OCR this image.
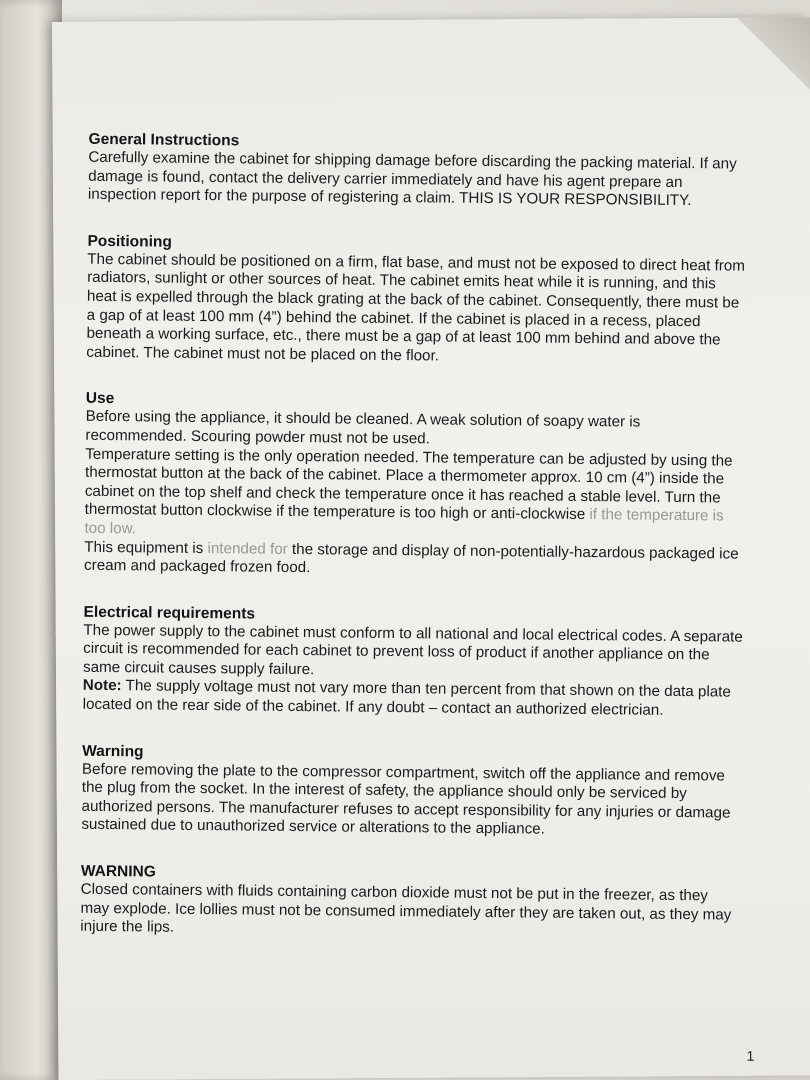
General Instructions

Carefully examine the cabinet for shipping damage before discarding the packing material. If any damage is found, contact the delivery carrier immediately and have his agent prepare an inspection report for the purpose of registering a claim. THIS IS YOUR RESPONSIBILITY.

Positioning

The cabinet should be positioned on a firm, flat base, and must not be exposed to direct heat from radiators, sunlight or other sources of heat. The cabinet emits heat while it is running, and this heat is expelled through the black grating at the back of the cabinet. Consequently, there must be a gap of at least 100 mm (4”) behind the cabinet. If the cabinet is placed in a recess, placed beneath a working surface, etc., there must be a gap of at least 100 mm behind and above the cabinet. The cabinet must not be placed on the floor.

Use

Before using the appliance, it should be cleaned. A weak solution of soapy water is recommended. Scouring powder must not be used.

Temperature setting is the only operation needed. The temperature can be adjusted by using the thermostat button at the back of the cabinet. Place a thermometer approx. 10 cm (4”) inside the cabinet on the top shelf and check the temperature once it has reached a stable level. Turn the thermostat button clockwise if the temperature is too high or anti-clockwise if the temperature is too low.

This equipment is intended for the storage and display of non-potentially-hazardous packaged ice cream and packaged frozen food.

Electrical requirements

The power supply to the cabinet must conform to all national and local electrical codes. A separate circuit is recommended for each cabinet to prevent loss of product if another appliance on the same circuit causes supply failure.

Note: The supply voltage must not vary more than ten percent from that shown on the data plate located on the rear side of the cabinet. If any doubt – contact an authorized electrician.

Warning

Before removing the plate to the compressor compartment, switch off the appliance and remove the plug from the socket. In the interest of safety, the appliance should only be serviced by authorized persons. The manufacturer refuses to accept responsibility for any injuries or damage sustained due to unauthorized service or alterations to the appliance.

WARNING

Closed containers with fluids containing carbon dioxide must not be put in the freezer, as they may explode. Ice lollies must not be consumed immediately after they are taken out, as they may injure the lips.

1
